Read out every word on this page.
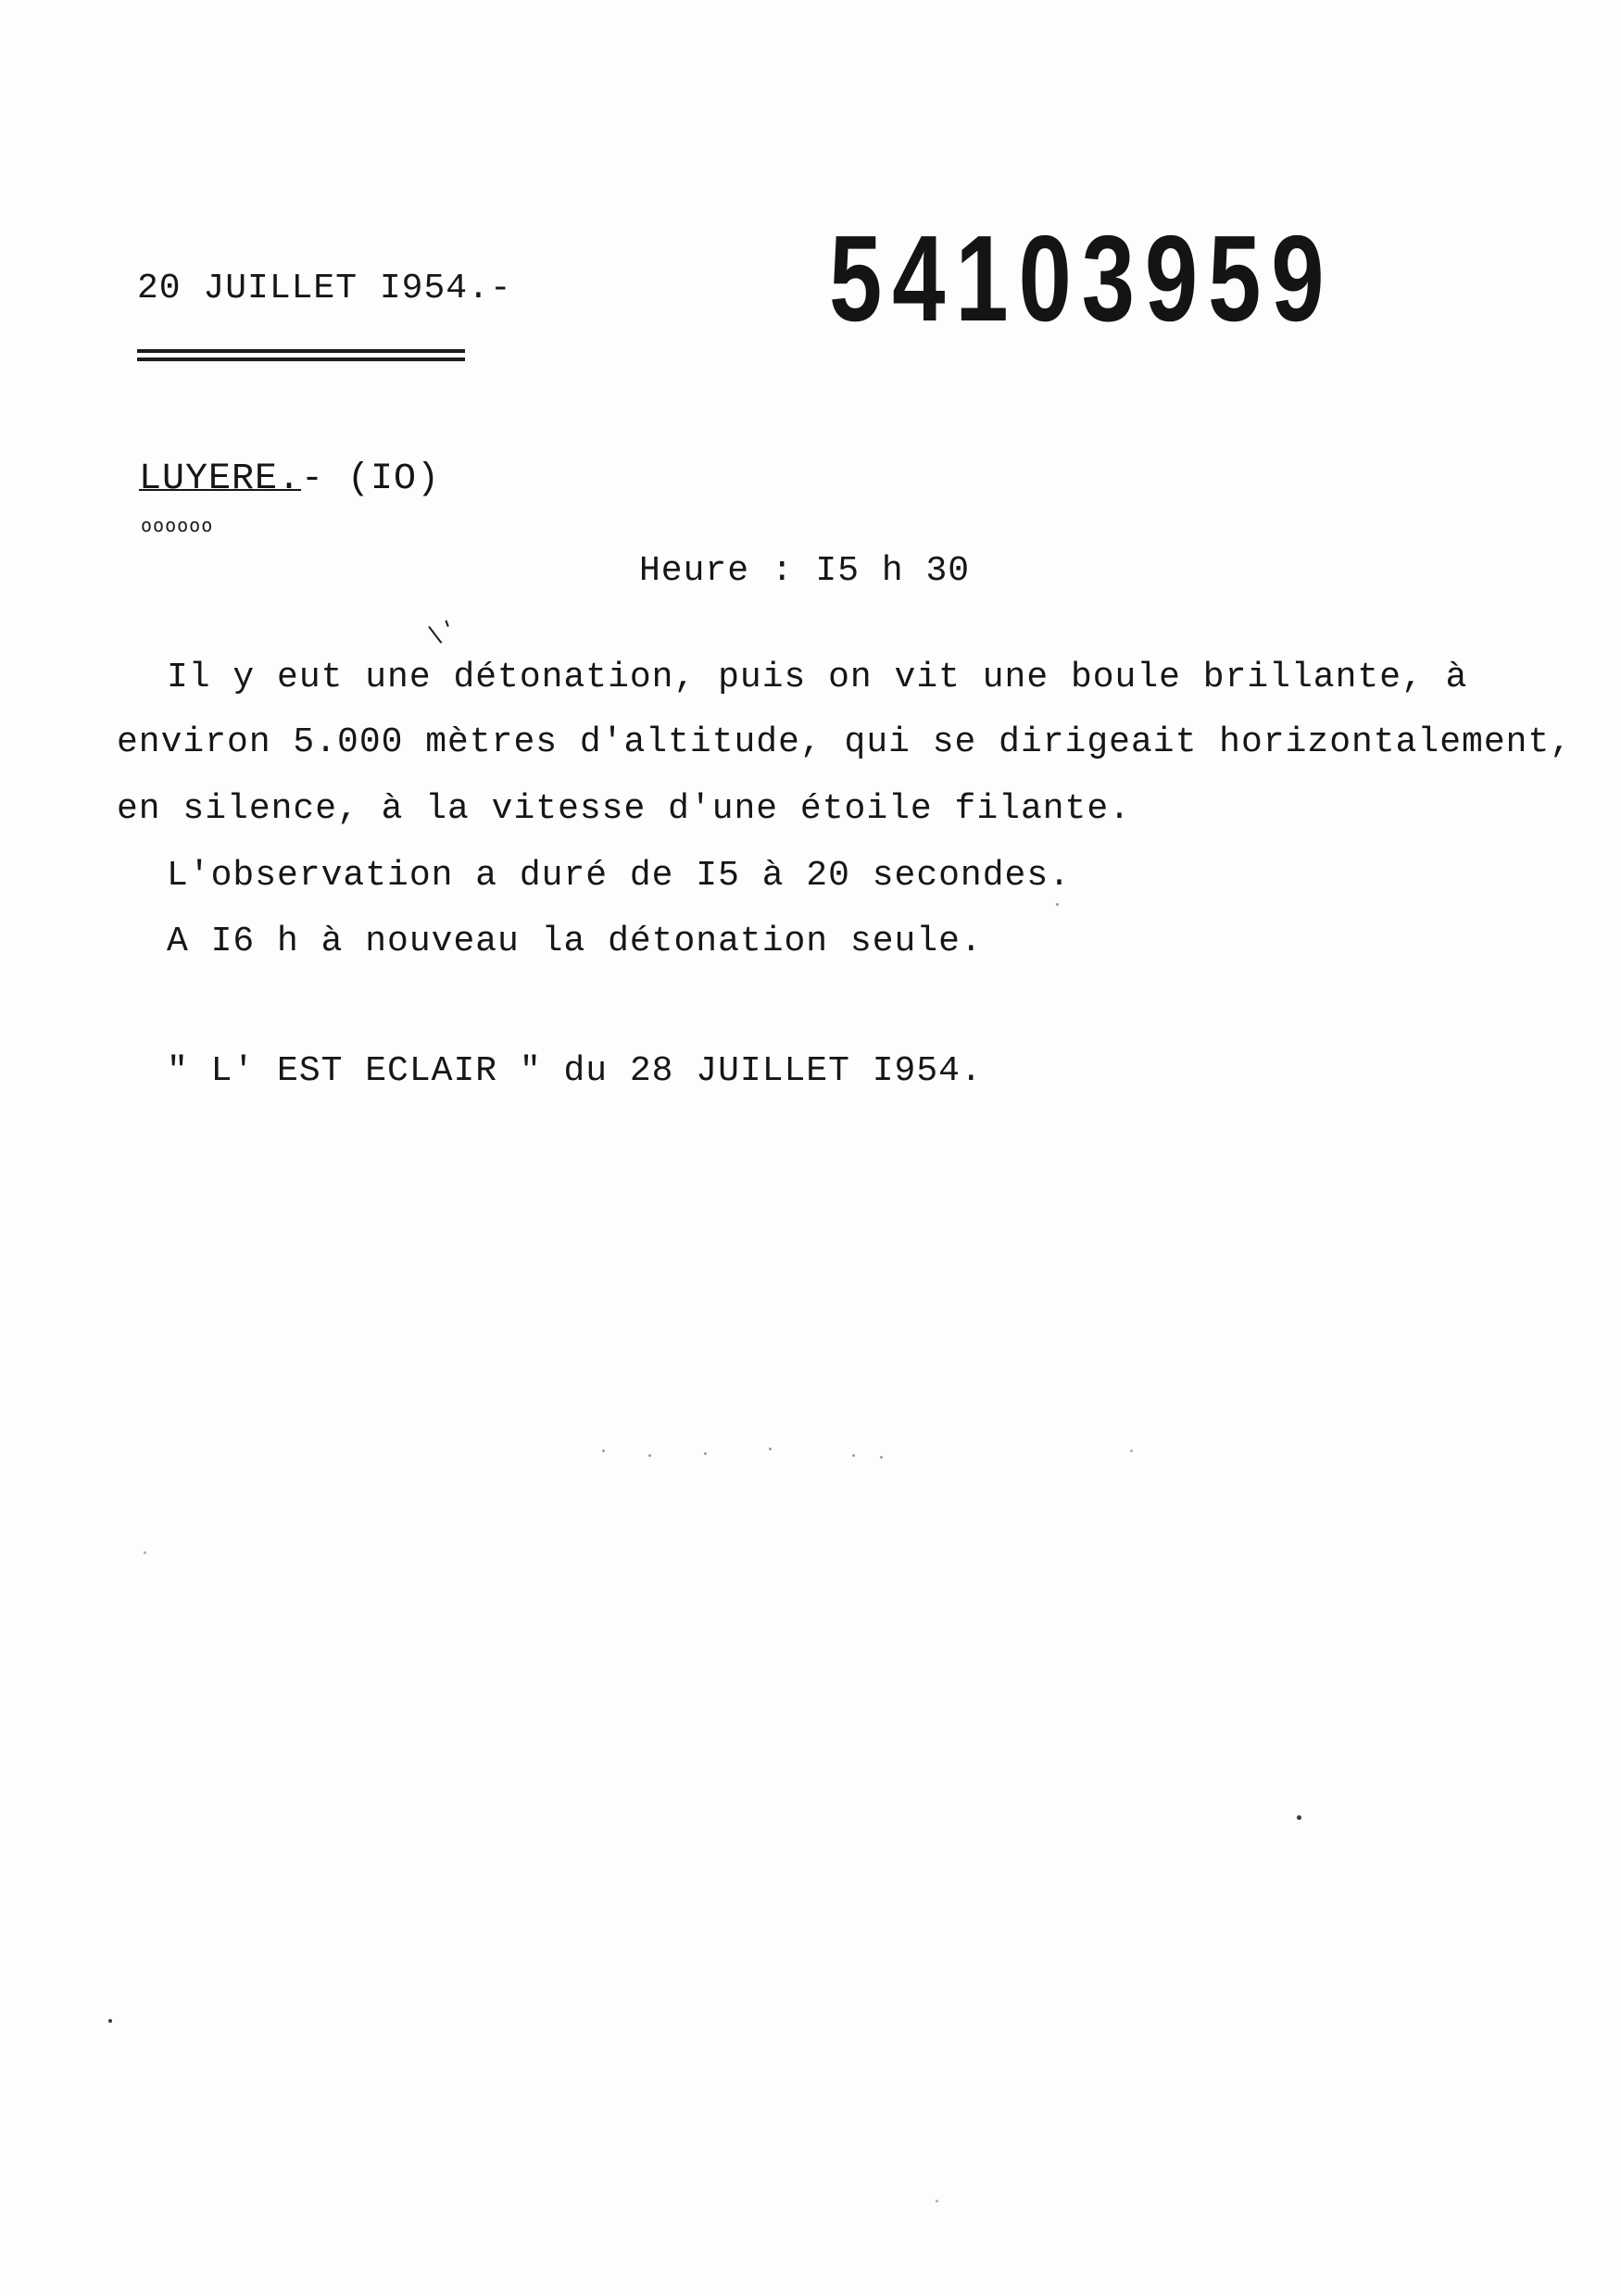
20 JUILLET I954.-	54103959
LUYERE.- (IO)
oooooo
Heure : I5 h 30
\ '
Il y eut une détonation, puis on vit une boule brillante, à
environ 5.000 mètres d'altitude, qui se dirigeait horizontalement,
en silence, à la vitesse d'une étoile filante.
L'observation a duré de I5 à 20 secondes.
A I6 h à nouveau la détonation seule.
" L' EST ECLAIR " du 28 JUILLET I954.
